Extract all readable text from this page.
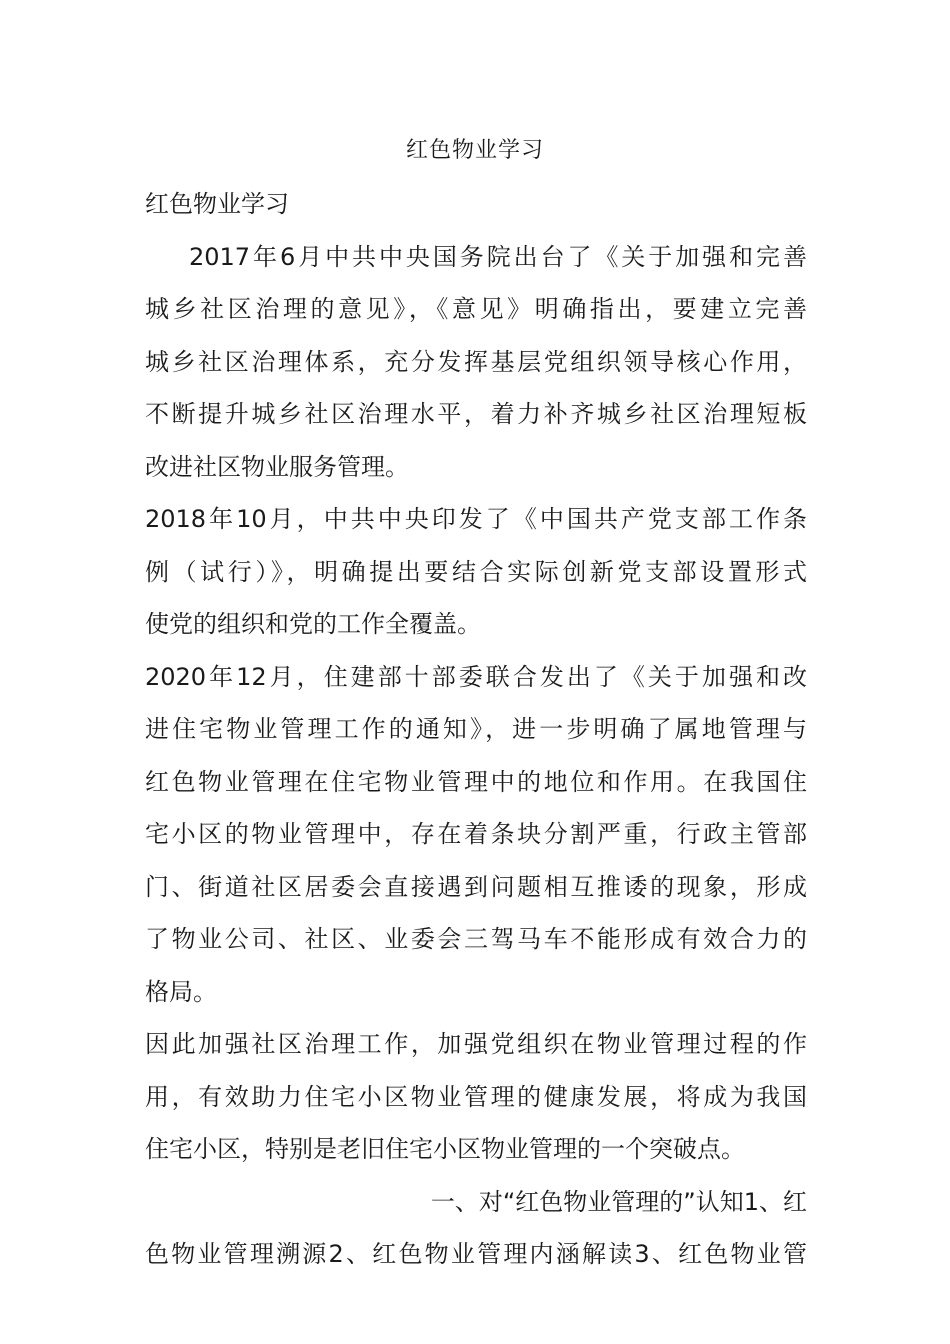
红色物业学习
红色物业学习
2017年6月中共中央国务院出台了《关于加强和完善
城乡社区治理的意见》，《意见》明确指出，要建立完善
城乡社区治理体系，充分发挥基层党组织领导核心作用，
不断提升城乡社区治理水平，着力补齐城乡社区治理短板
改进社区物业服务管理。
2018年10月，中共中央印发了《中国共产党支部工作条
例（试行）》，明确提出要结合实际创新党支部设置形式
使党的组织和党的工作全覆盖。
2020年12月，住建部十部委联合发出了《关于加强和改
进住宅物业管理工作的通知》，进一步明确了属地管理与
红色物业管理在住宅物业管理中的地位和作用。在我国住
宅小区的物业管理中，存在着条块分割严重，行政主管部
门、街道社区居委会直接遇到问题相互推诿的现象，形成
了物业公司、社区、业委会三驾马车不能形成有效合力的
格局。
因此加强社区治理工作，加强党组织在物业管理过程的作
用，有效助力住宅小区物业管理的健康发展，将成为我国
住宅小区，特别是老旧住宅小区物业管理的一个突破点。
一、对“红色物业管理的”认知1、红
色物业管理溯源2、红色物业管理内涵解读3、红色物业管
